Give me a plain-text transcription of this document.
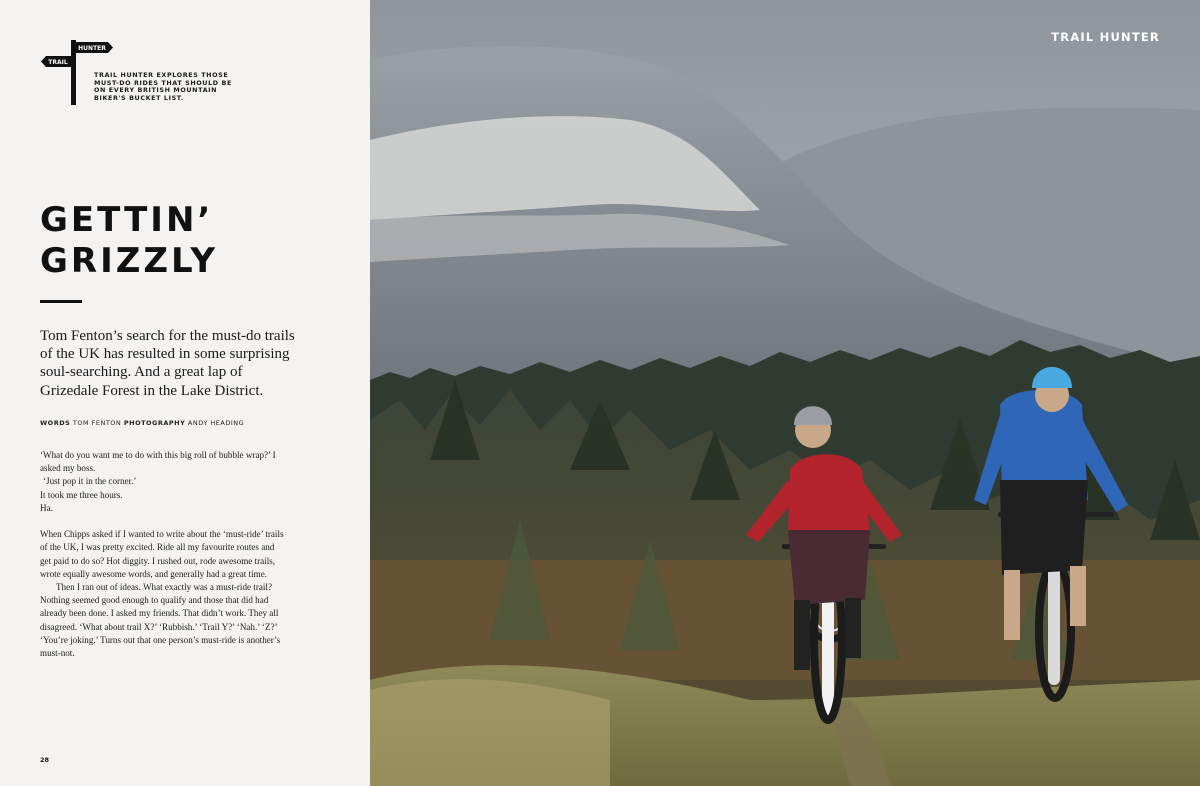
HUNTER
TRAIL

TRAIL HUNTER EXPLORES THOSE MUST-DO RIDES THAT SHOULD BE ON EVERY BRITISH MOUNTAIN BIKER'S BUCKET LIST.

GETTIN’
GRIZZLY

Tom Fenton’s search for the must-do trails of the UK has resulted in some surprising soul-searching. And a great lap of Grizedale Forest in the Lake District.

WORDS TOM FENTON PHOTOGRAPHY ANDY HEADING

‘What do you want me to do with this big roll of bubble wrap?’ I asked my boss.

‘Just pop it in the corner.’

It took me three hours.

Ha.

When Chipps asked if I wanted to write about the ‘must-ride’ trails of the UK, I was pretty excited. Ride all my favourite routes and get paid to do so? Hot diggity. I rushed out, rode awesome trails, wrote equally awesome words, and generally had a great time.

Then I ran out of ideas. What exactly was a must-ride trail? Nothing seemed good enough to qualify and those that did had already been done. I asked my friends. That didn’t work. They all disagreed. ‘What about trail X?’ ‘Rubbish.’ ‘Trail Y?’ ‘Nah.’ ‘Z?’ ‘You’re joking.’ Turns out that one person’s must-ride is another’s must-not.

28
TRAIL HUNTER
